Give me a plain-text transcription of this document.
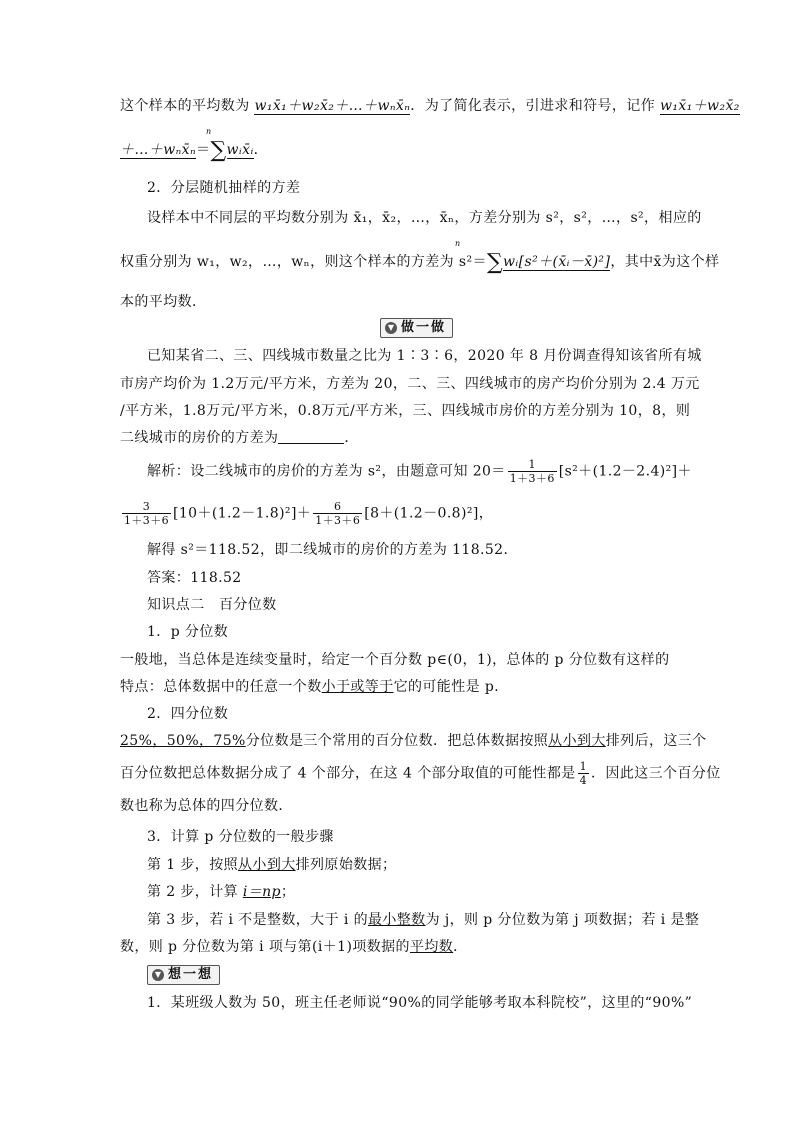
这个样本的平均数为 w₁x̄₁＋w₂x̄₂＋…＋wₙx̄ₙ．为了简化表示，引进求和符号，记作 w₁x̄₁＋w₂x̄₂
＋…＋wₙx̄ₙ＝
n
∑wᵢx̄ᵢ．
2．分层随机抽样的方差
设样本中不同层的平均数分别为 x̄₁，x̄₂，…，x̄ₙ，方差分别为 s²，s²，…，s²，相应的
权重分别为 w₁，w₂，…，wₙ，则这个样本的方差为 s²＝
n
∑wᵢ[s²＋(x̄ᵢ－x̄)²]，其中x̄为这个样
本的平均数．
▼ 做一做
已知某省二、三、四线城市数量之比为 1∶3∶6，2020 年 8 月份调查得知该省所有城
市房产均价为 1.2万元/平方米，方差为 20，二、三、四线城市的房产均价分别为 2.4 万元
/平方米，1.8万元/平方米，0.8万元/平方米，三、四线城市房价的方差分别为 10，8，则
二线城市的房价的方差为	．
解析：设二线城市的房价的方差为 s²，由题意可知 $20= \frac{1}{1+3+6} [s^2+(1.2-2.4)^2]+$
$\frac{3}{1+3+6} [10+(1.2-1.8)^2]+ \frac{6}{1+3+6} [8+(1.2-0.8)^2]$，
解得 s²＝118.52，即二线城市的房价的方差为 118.52．
答案：118.52
知识点二　百分位数
1．p 分位数
一般地，当总体是连续变量时，给定一个百分数 p∈(0，1)，总体的 p 分位数有这样的
特点：总体数据中的任意一个数小于或等于它的可能性是 p．
2．四分位数
25%，50%，75%分位数是三个常用的百分位数．把总体数据按照从小到大排列后，这三个
百分位数把总体数据分成了 4 个部分，在这 4 个部分取值的可能性都是 $\frac{1}{4}$ ．因此这三个百分位
数也称为总体的四分位数．
3．计算 p 分位数的一般步骤
第 1 步，按照从小到大排列原始数据；
第 2 步，计算 i＝np；
第 3 步，若 i 不是整数，大于 i 的最小整数为 j，则 p 分位数为第 j 项数据；若 i 是整
数，则 p 分位数为第 i 项与第(i＋1)项数据的平均数．
▼ 想一想
1．某班级人数为 50，班主任老师说“90%的同学能够考取本科院校”，这里的“90%”
